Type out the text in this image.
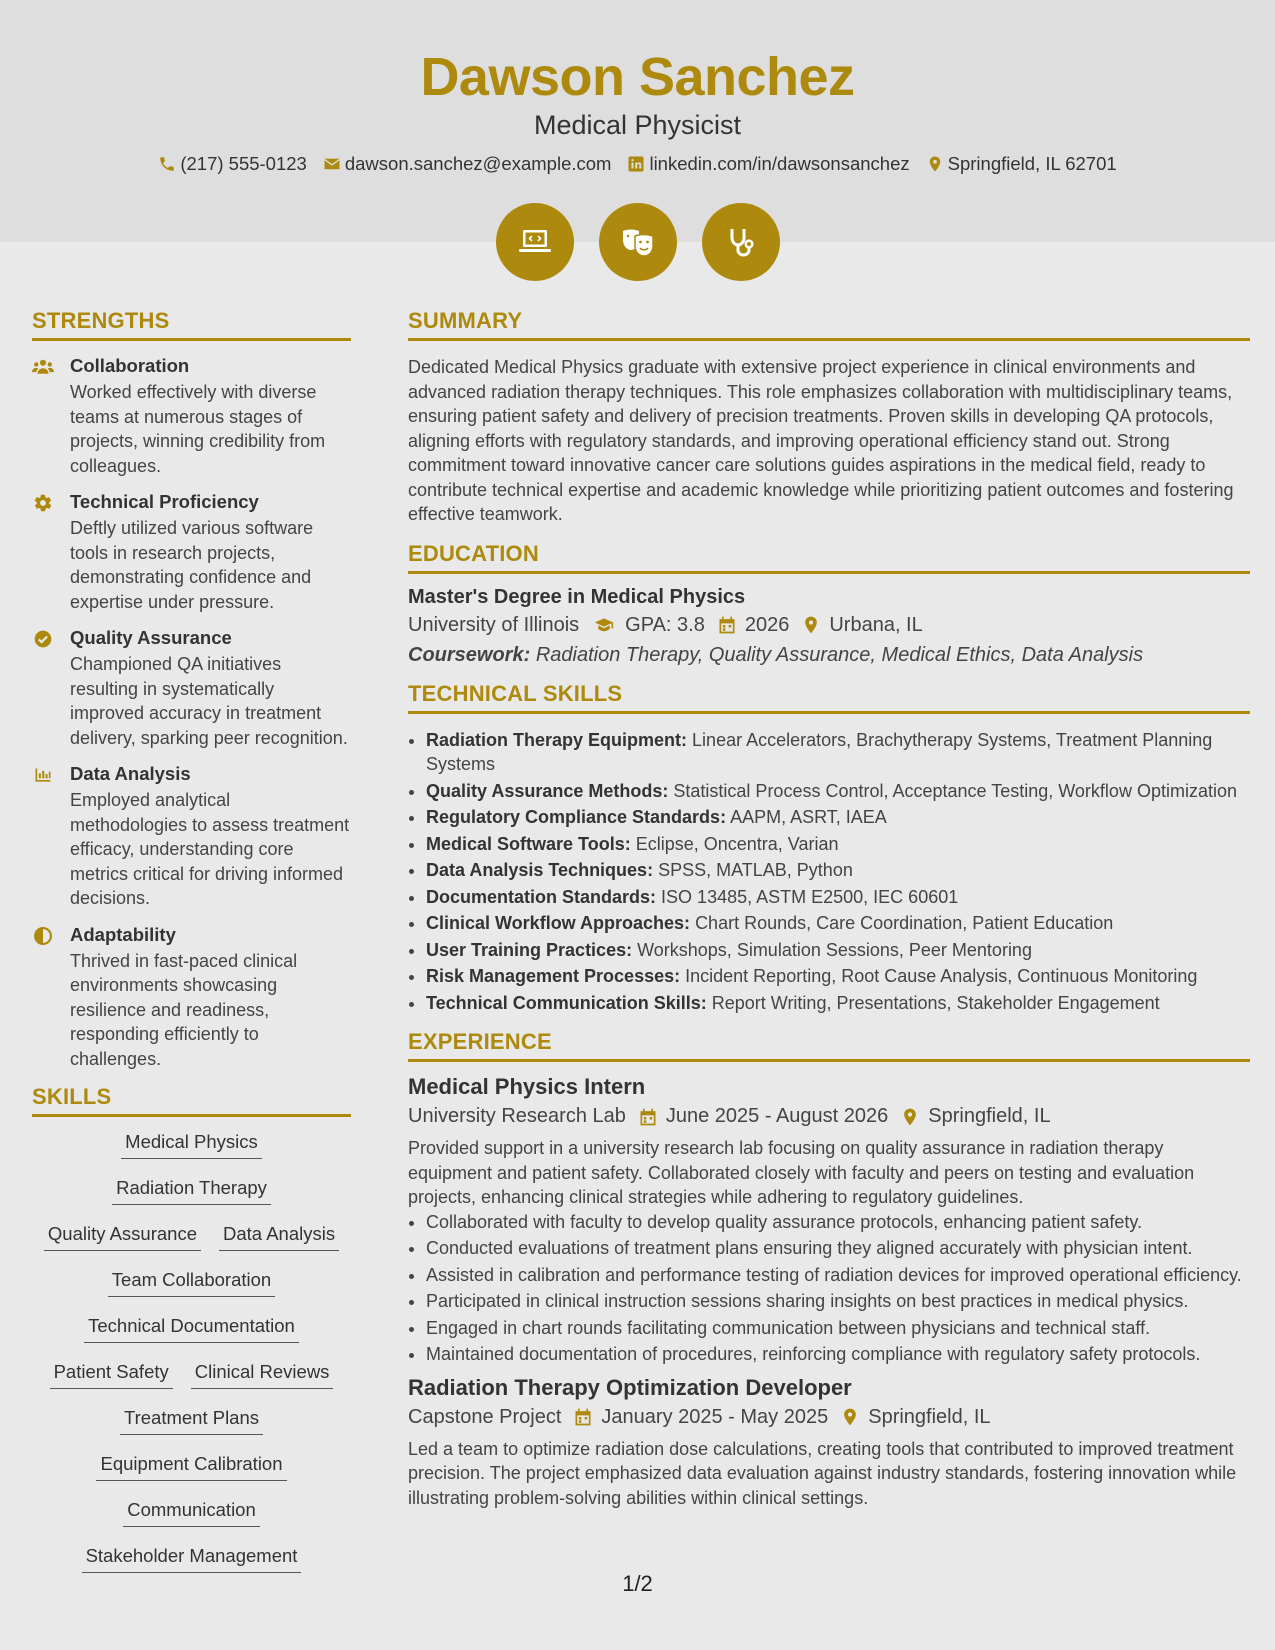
Dawson Sanchez
Medical Physicist
(217) 555-0123 dawson.sanchez@example.com linkedin.com/in/dawsonsanchez Springfield, IL 62701
STRENGTHS
Collaboration
Worked effectively with diverse teams at numerous stages of projects, winning credibility from colleagues.
Technical Proficiency
Deftly utilized various software tools in research projects, demonstrating confidence and expertise under pressure.
Quality Assurance
Championed QA initiatives resulting in systematically improved accuracy in treatment delivery, sparking peer recognition.
Data Analysis
Employed analytical methodologies to assess treatment efficacy, understanding core metrics critical for driving informed decisions.
Adaptability
Thrived in fast-paced clinical environments showcasing resilience and readiness, responding efficiently to challenges.
SKILLS
Medical Physics
Radiation Therapy
Quality Assurance Data Analysis
Team Collaboration
Technical Documentation
Patient Safety Clinical Reviews
Treatment Plans
Equipment Calibration
Communication
Stakeholder Management
SUMMARY
Dedicated Medical Physics graduate with extensive project experience in clinical environments and advanced radiation therapy techniques. This role emphasizes collaboration with multidisciplinary teams, ensuring patient safety and delivery of precision treatments. Proven skills in developing QA protocols, aligning efforts with regulatory standards, and improving operational efficiency stand out. Strong commitment toward innovative cancer care solutions guides aspirations in the medical field, ready to contribute technical expertise and academic knowledge while prioritizing patient outcomes and fostering effective teamwork.
EDUCATION
Master's Degree in Medical Physics
University of Illinois GPA: 3.8 2026 Urbana, IL
Coursework: Radiation Therapy, Quality Assurance, Medical Ethics, Data Analysis
TECHNICAL SKILLS
• Radiation Therapy Equipment: Linear Accelerators, Brachytherapy Systems, Treatment Planning Systems
• Quality Assurance Methods: Statistical Process Control, Acceptance Testing, Workflow Optimization
• Regulatory Compliance Standards: AAPM, ASRT, IAEA
• Medical Software Tools: Eclipse, Oncentra, Varian
• Data Analysis Techniques: SPSS, MATLAB, Python
• Documentation Standards: ISO 13485, ASTM E2500, IEC 60601
• Clinical Workflow Approaches: Chart Rounds, Care Coordination, Patient Education
• User Training Practices: Workshops, Simulation Sessions, Peer Mentoring
• Risk Management Processes: Incident Reporting, Root Cause Analysis, Continuous Monitoring
• Technical Communication Skills: Report Writing, Presentations, Stakeholder Engagement
EXPERIENCE
Medical Physics Intern
University Research Lab June 2025 - August 2026 Springfield, IL
Provided support in a university research lab focusing on quality assurance in radiation therapy equipment and patient safety. Collaborated closely with faculty and peers on testing and evaluation projects, enhancing clinical strategies while adhering to regulatory guidelines.
• Collaborated with faculty to develop quality assurance protocols, enhancing patient safety.
• Conducted evaluations of treatment plans ensuring they aligned accurately with physician intent.
• Assisted in calibration and performance testing of radiation devices for improved operational efficiency.
• Participated in clinical instruction sessions sharing insights on best practices in medical physics.
• Engaged in chart rounds facilitating communication between physicians and technical staff.
• Maintained documentation of procedures, reinforcing compliance with regulatory safety protocols.
Radiation Therapy Optimization Developer
Capstone Project January 2025 - May 2025 Springfield, IL
Led a team to optimize radiation dose calculations, creating tools that contributed to improved treatment precision. The project emphasized data evaluation against industry standards, fostering innovation while illustrating problem-solving abilities within clinical settings.
1/2
